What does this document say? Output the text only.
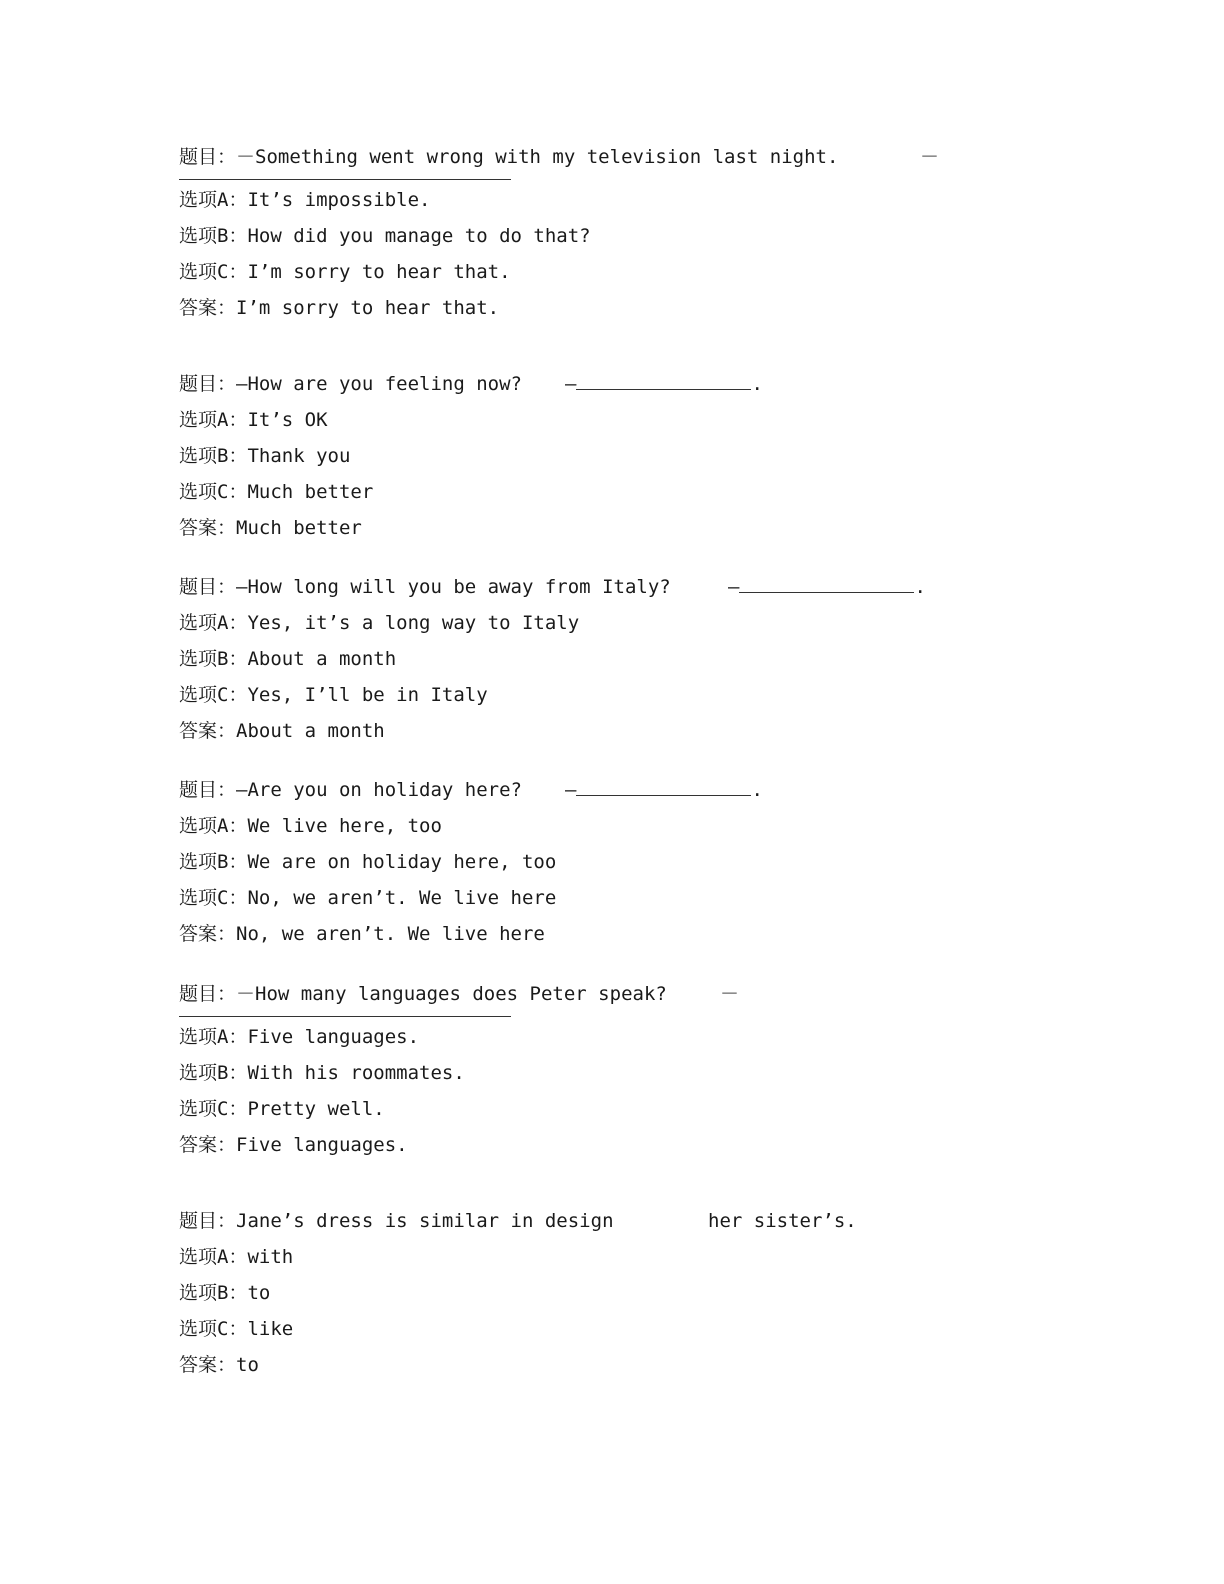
题目：－Something went wrong with my television last night.	－
选项A：It’s impossible.
选项B：How did you manage to do that?
选项C：I’m sorry to hear that.
答案：I’m sorry to hear that.
题目：—How are you feeling now? —	.
选项A：It’s OK
选项B：Thank you
选项C：Much better
答案：Much better
题目：—How long will you be away from Italy?	—	.
选项A：Yes, it’s a long way to Italy
选项B：About a month
选项C：Yes, I’ll be in Italy
答案：About a month
题目：—Are you on holiday here? —	.
选项A：We live here, too
选项B：We are on holiday here, too
选项C：No, we aren’t. We live here
答案：No, we aren’t. We live here
题目：－How many languages does Peter speak?	－
选项A：Five languages.
选项B：With his roommates.
选项C：Pretty well.
答案：Five languages.
题目：Jane’s dress is similar in design	her sister’s.
选项A：with
选项B：to
选项C：like
答案：to
